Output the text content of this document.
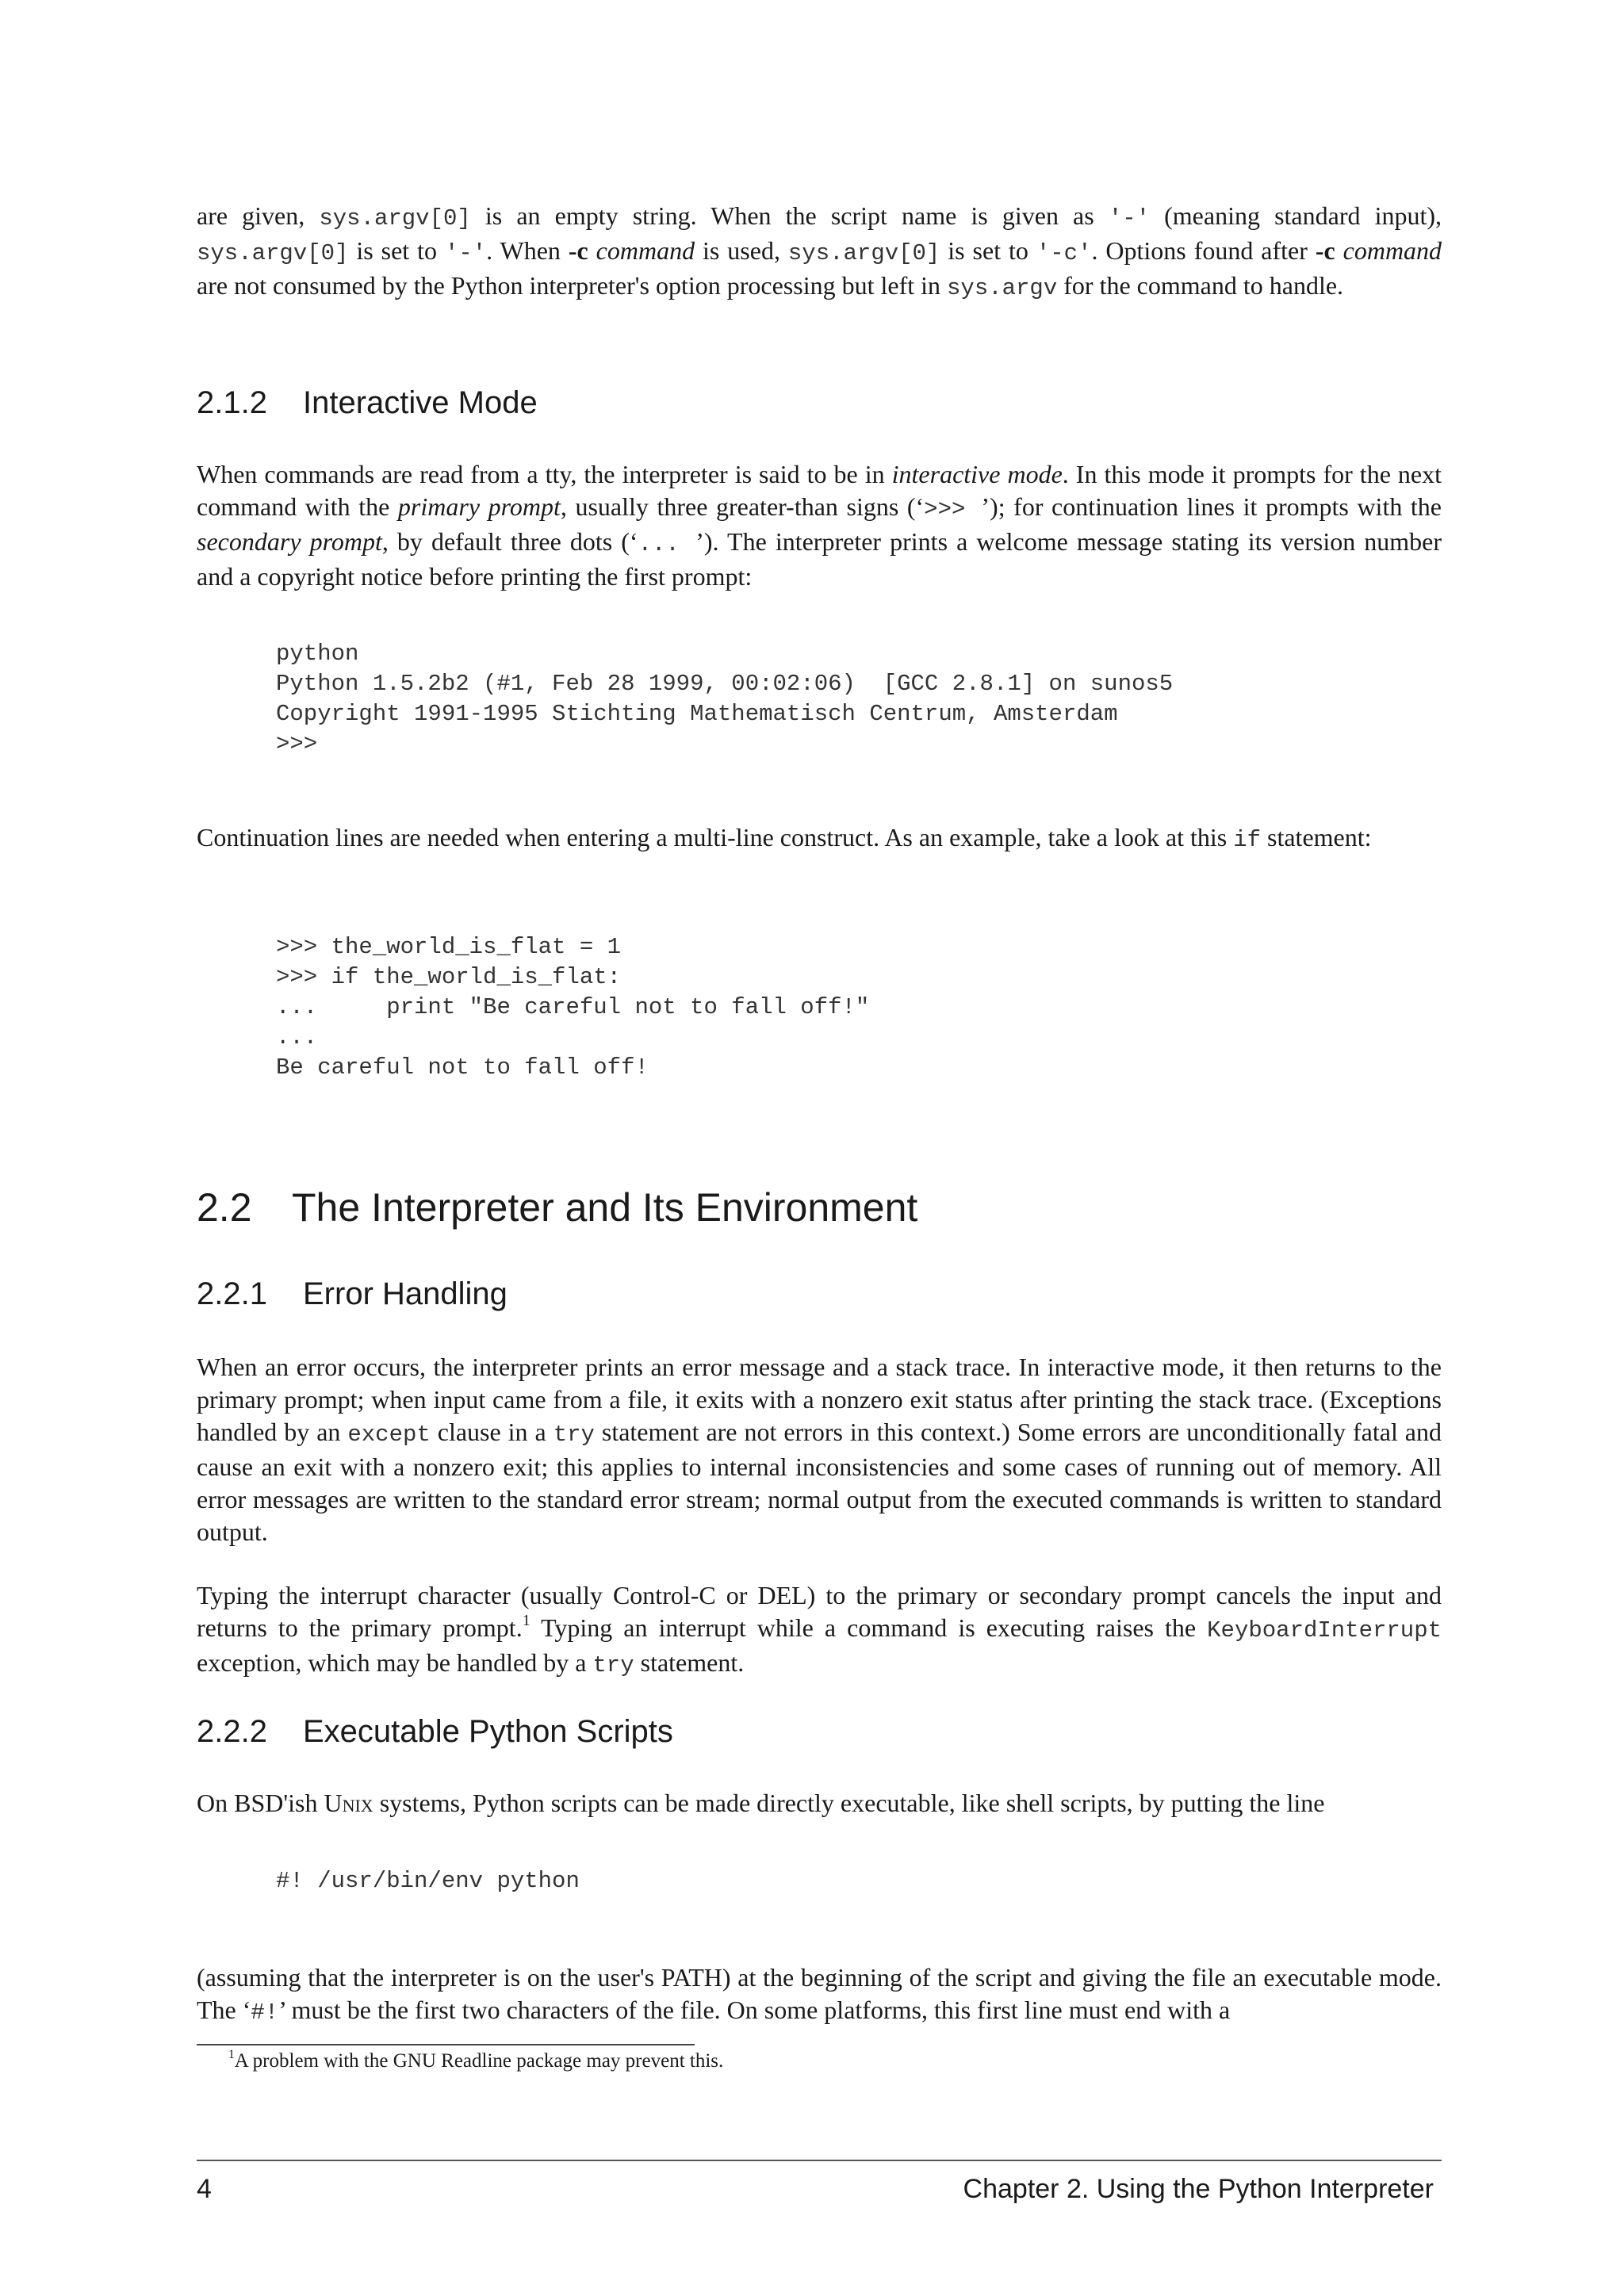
are given, sys.argv[0] is an empty string. When the script name is given as '-' (meaning standard input), sys.argv[0] is set to '-'. When -c command is used, sys.argv[0] is set to '-c'. Options found after -c command are not consumed by the Python interpreter's option processing but left in sys.argv for the command to handle.

2.1.2 Interactive Mode

When commands are read from a tty, the interpreter is said to be in interactive mode. In this mode it prompts for the next command with the primary prompt, usually three greater-than signs (‘>>> ’); for continuation lines it prompts with the secondary prompt, by default three dots (‘... ’). The interpreter prints a welcome message stating its version number and a copyright notice before printing the first prompt:

python
Python 1.5.2b2 (#1, Feb 28 1999, 00:02:06)  [GCC 2.8.1] on sunos5
Copyright 1991-1995 Stichting Mathematisch Centrum, Amsterdam
>>>

Continuation lines are needed when entering a multi-line construct. As an example, take a look at this if statement:

>>> the_world_is_flat = 1
>>> if the_world_is_flat:
...     print "Be careful not to fall off!"
...
Be careful not to fall off!
2.2 The Interpreter and Its Environment
2.2.1 Error Handling

When an error occurs, the interpreter prints an error message and a stack trace. In interactive mode, it then returns to the primary prompt; when input came from a file, it exits with a nonzero exit status after printing the stack trace. (Exceptions handled by an except clause in a try statement are not errors in this context.) Some errors are unconditionally fatal and cause an exit with a nonzero exit; this applies to internal inconsistencies and some cases of running out of memory. All error messages are written to the standard error stream; normal output from the executed commands is written to standard output.

Typing the interrupt character (usually Control-C or DEL) to the primary or secondary prompt cancels the input and returns to the primary prompt.$^1$ Typing an interrupt while a command is executing raises the KeyboardInterrupt exception, which may be handled by a try statement.

2.2.2 Executable Python Scripts

On BSD'ish Unix systems, Python scripts can be made directly executable, like shell scripts, by putting the line

#! /usr/bin/env python

(assuming that the interpreter is on the user's PATH) at the beginning of the script and giving the file an executable mode. The ‘#!’ must be the first two characters of the file. On some platforms, this first line must end with a

$^1$A problem with the GNU Readline package may prevent this.
4	Chapter 2. Using the Python Interpreter
